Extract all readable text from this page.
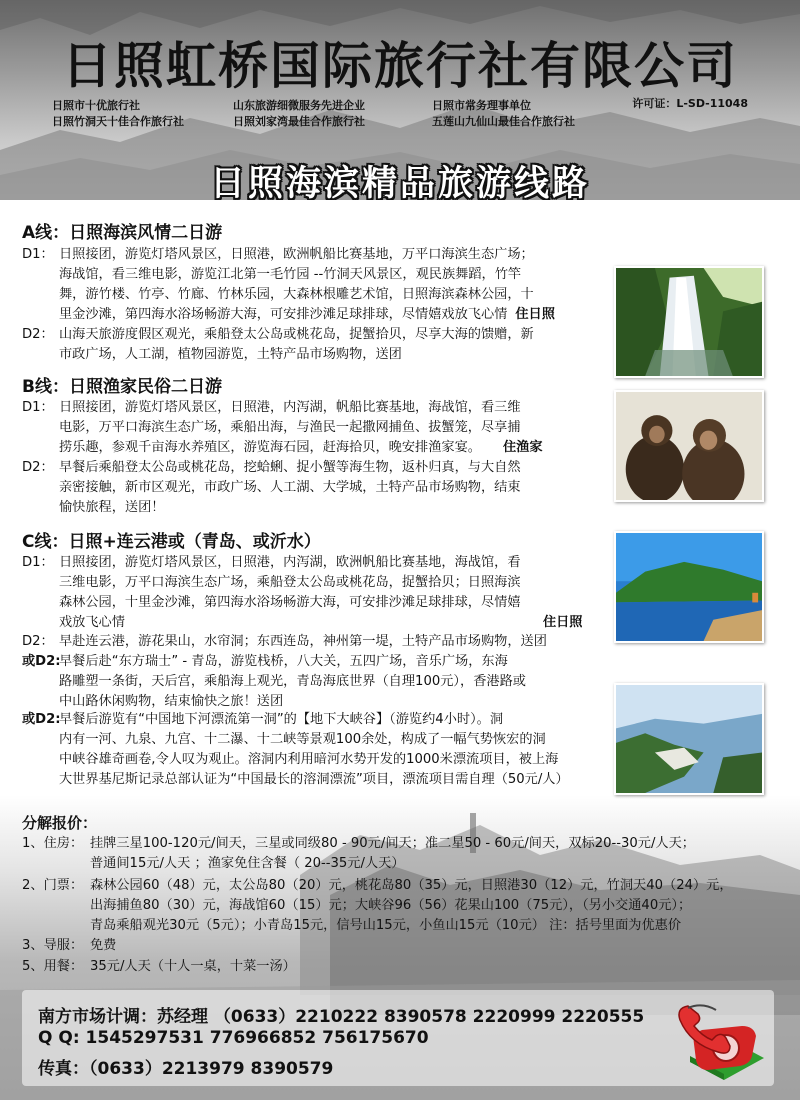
日照虹桥国际旅行社有限公司
日照市十优旅行社	山东旅游细微服务先进企业	日照市常务理事单位
日照竹洞天十佳合作旅行社	日照刘家湾最佳合作旅行社	五莲山九仙山最佳合作旅行社
许可证：L-SD-11048
日照海滨精品旅游线路
A线：日照海滨风情二日游
D1： 日照接团，游览灯塔风景区，日照港，欧洲帆船比赛基地，万平口海滨生态广场；
海战馆，看三维电影，游览江北第一毛竹园 --竹洞天风景区，观民族舞蹈，竹竿
舞，游竹楼、竹亭、竹廊、竹林乐园，大森林根雕艺术馆，日照海滨森林公园，十
里金沙滩，第四海水浴场畅游大海，可安排沙滩足球排球，尽情嬉戏放飞心情 住日照
D2： 山海天旅游度假区观光，乘船登太公岛或桃花岛，捉蟹拾贝，尽享大海的馈赠，新
市政广场，人工湖，植物园游览，土特产品市场购物，送团
B线：日照渔家民俗二日游
D1： 日照接团，游览灯塔风景区，日照港，内泻湖，帆船比赛基地，海战馆，看三维
电影，万平口海滨生态广场，乘船出海，与渔民一起撒网捕鱼、拔蟹笼，尽享捕
捞乐趣，参观千亩海水养殖区，游览海石园，赶海拾贝，晚安排渔家宴。 住渔家
D2： 早餐后乘船登太公岛或桃花岛，挖蛤蜊、捉小蟹等海生物，返朴归真，与大自然
亲密接触，新市区观光，市政广场、人工湖、大学城，土特产品市场购物，结束
愉快旅程，送团！
C线：日照+连云港或（青岛、或沂水）
D1： 日照接团，游览灯塔风景区，日照港，内泻湖，欧洲帆船比赛基地，海战馆，看
三维电影，万平口海滨生态广场，乘船登太公岛或桃花岛，捉蟹拾贝；日照海滨
森林公园，十里金沙滩，第四海水浴场畅游大海，可安排沙滩足球排球，尽情嬉
戏放飞心情	住日照
D2： 早赴连云港，游花果山，水帘洞；东西连岛，神州第一堤，土特产品市场购物，送团
或D2:早餐后赴“东方瑞士” - 青岛，游览栈桥，八大关，五四广场，音乐广场，东海
路雕塑一条街，天后宫，乘船海上观光，青岛海底世界（自理100元），香港路或
中山路休闲购物，结束愉快之旅！送团
或D2:早餐后游览有“中国地下河漂流第一洞”的【地下大峡谷】（游览约4小时）。洞
内有一河、九泉、九宫、十二瀑、十二峡等景观100余处，构成了一幅气势恢宏的洞
中峡谷雄奇画卷,令人叹为观止。溶洞内利用暗河水势开发的1000米漂流项目，被上海
大世界基尼斯记录总部认证为“中国最长的溶洞漂流”项目，漂流项目需自理（50元/人）
分解报价：
1、住房： 挂牌三星100-120元/间天，三星或同级80 - 90元/间天；准二星50 - 60元/间天，双标20--30元/人天；
普通间15元/人天 ；渔家免住含餐（ 20--35元/人天）
2、门票： 森林公园60（48）元，太公岛80（20）元，桃花岛80（35）元，日照港30（12）元，竹洞天40（24）元，
出海捕鱼80（30）元，海战馆60（15）元；大峡谷96（56）花果山100（75元），（另小交通40元）；
青岛乘船观光30元（5元）；小青岛15元，信号山15元，小鱼山15元（10元） 注：括号里面为优惠价
3、导服： 免费
5、用餐： 35元/人天（十人一桌，十菜一汤）
南方市场计调：苏经理 （0633）2210222 8390578 2220999 2220555
Q Q: 1545297531 776966852 756175670
传真：（0633）2213979 8390579
